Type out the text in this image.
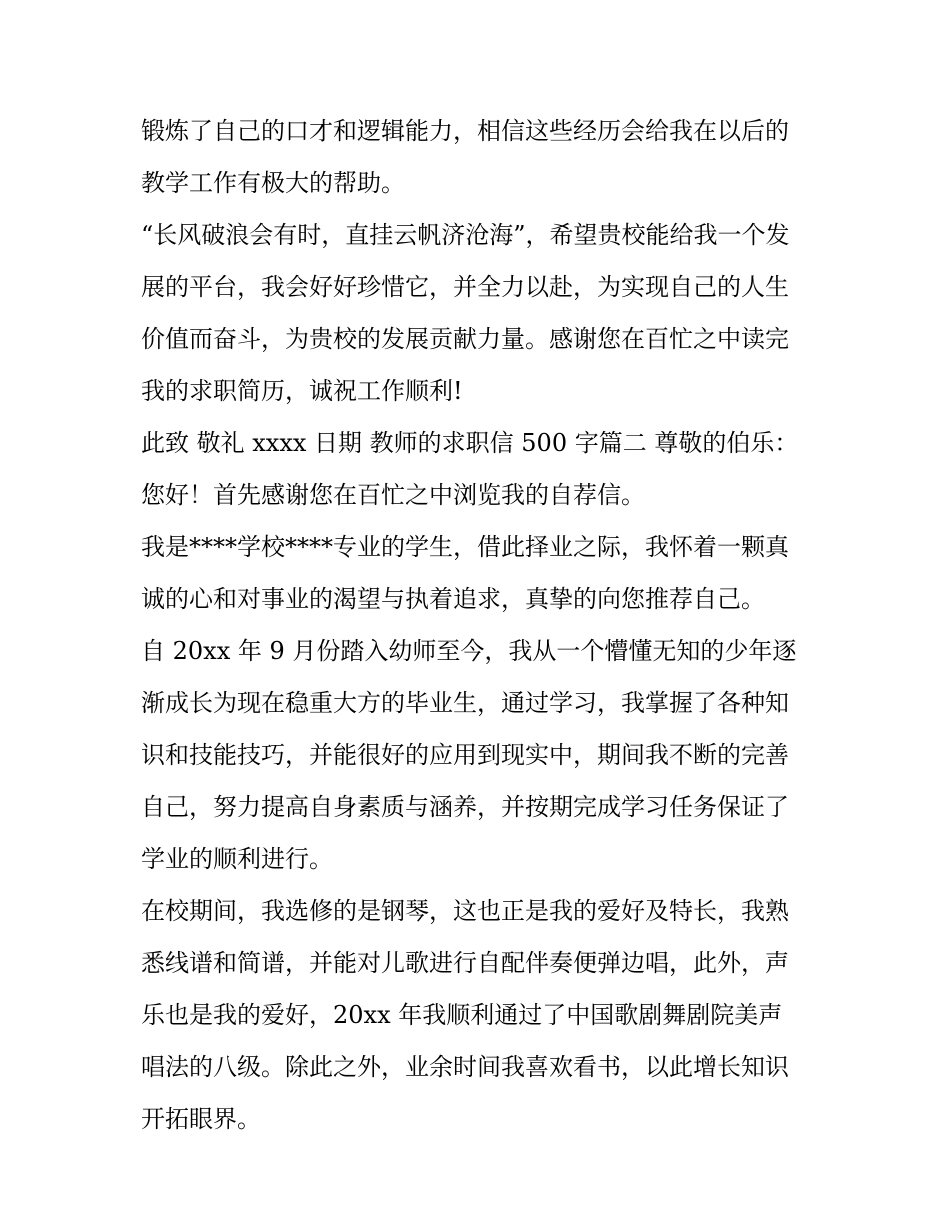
锻炼了自己的口才和逻辑能力，相信这些经历会给我在以后的
教学工作有极大的帮助。
“长风破浪会有时，直挂云帆济沧海”，希望贵校能给我一个发
展的平台，我会好好珍惜它，并全力以赴，为实现自己的人生
价值而奋斗，为贵校的发展贡献力量。感谢您在百忙之中读完
我的求职简历，诚祝工作顺利!
此致 敬礼 xxxx 日期 教师的求职信 500 字篇二 尊敬的伯乐：
您好！首先感谢您在百忙之中浏览我的自荐信。
我是****学校****专业的学生，借此择业之际，我怀着一颗真
诚的心和对事业的渴望与执着追求，真挚的向您推荐自己。
自 20xx 年 9 月份踏入幼师至今，我从一个懵懂无知的少年逐
渐成长为现在稳重大方的毕业生，通过学习，我掌握了各种知
识和技能技巧，并能很好的应用到现实中，期间我不断的完善
自己，努力提高自身素质与涵养，并按期完成学习任务保证了
学业的顺利进行。
在校期间，我选修的是钢琴，这也正是我的爱好及特长，我熟
悉线谱和简谱，并能对儿歌进行自配伴奏便弹边唱，此外，声
乐也是我的爱好，20xx 年我顺利通过了中国歌剧舞剧院美声
唱法的八级。除此之外，业余时间我喜欢看书，以此增长知识
开拓眼界。
